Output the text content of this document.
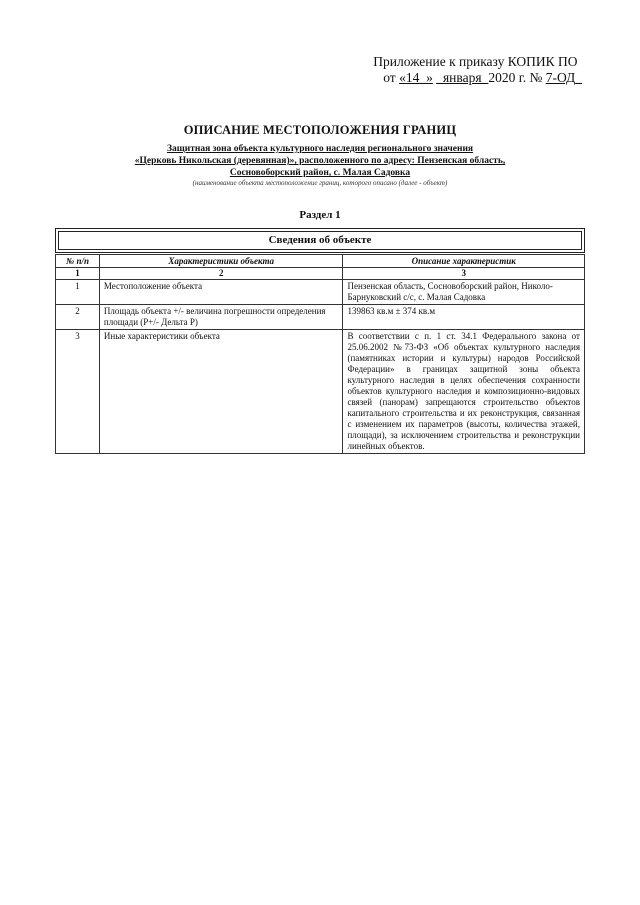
Приложение к приказу КОПИК ПО
от «14_» _января_2020 г. № 7-ОД_
ОПИСАНИЕ МЕСТОПОЛОЖЕНИЯ ГРАНИЦ
Защитная зона объекта культурного наследия регионального значения
«Церковь Никольская (деревянная)», расположенного по адресу: Пензенская область,
Сосновоборский район, с. Малая Садовка
(наименование объекта местоположение границ, которого описано (далее - объект)
Раздел 1
Сведения об объекте
№ п/п	Характеристики объекта	Описание характеристик
1	2	3
1	Местоположение объекта	Пензенская область, Сосновоборский район, Николо-Барнуковский с/с, с. Малая Садовка
2	Площадь объекта +/- величина погрешности определения площади (Р+/- Дельта Р)	139863 кв.м ± 374 кв.м
3	Иные характеристики объекта	В соответствии с п. 1 ст. 34.1 Федерального закона от 25.06.2002 №73-ФЗ «Об объектах культурного наследия (памятниках истории и культуры) народов Российской Федерации» в границах защитной зоны объекта культурного наследия в целях обеспечения сохранности объектов культурного наследия и композиционно-видовых связей (панорам) запрещаются строительство объектов капитального строительства и их реконструкция, связанная с изменением их параметров (высоты, количества этажей, площади), за исключением строительства и реконструкции линейных объектов.
